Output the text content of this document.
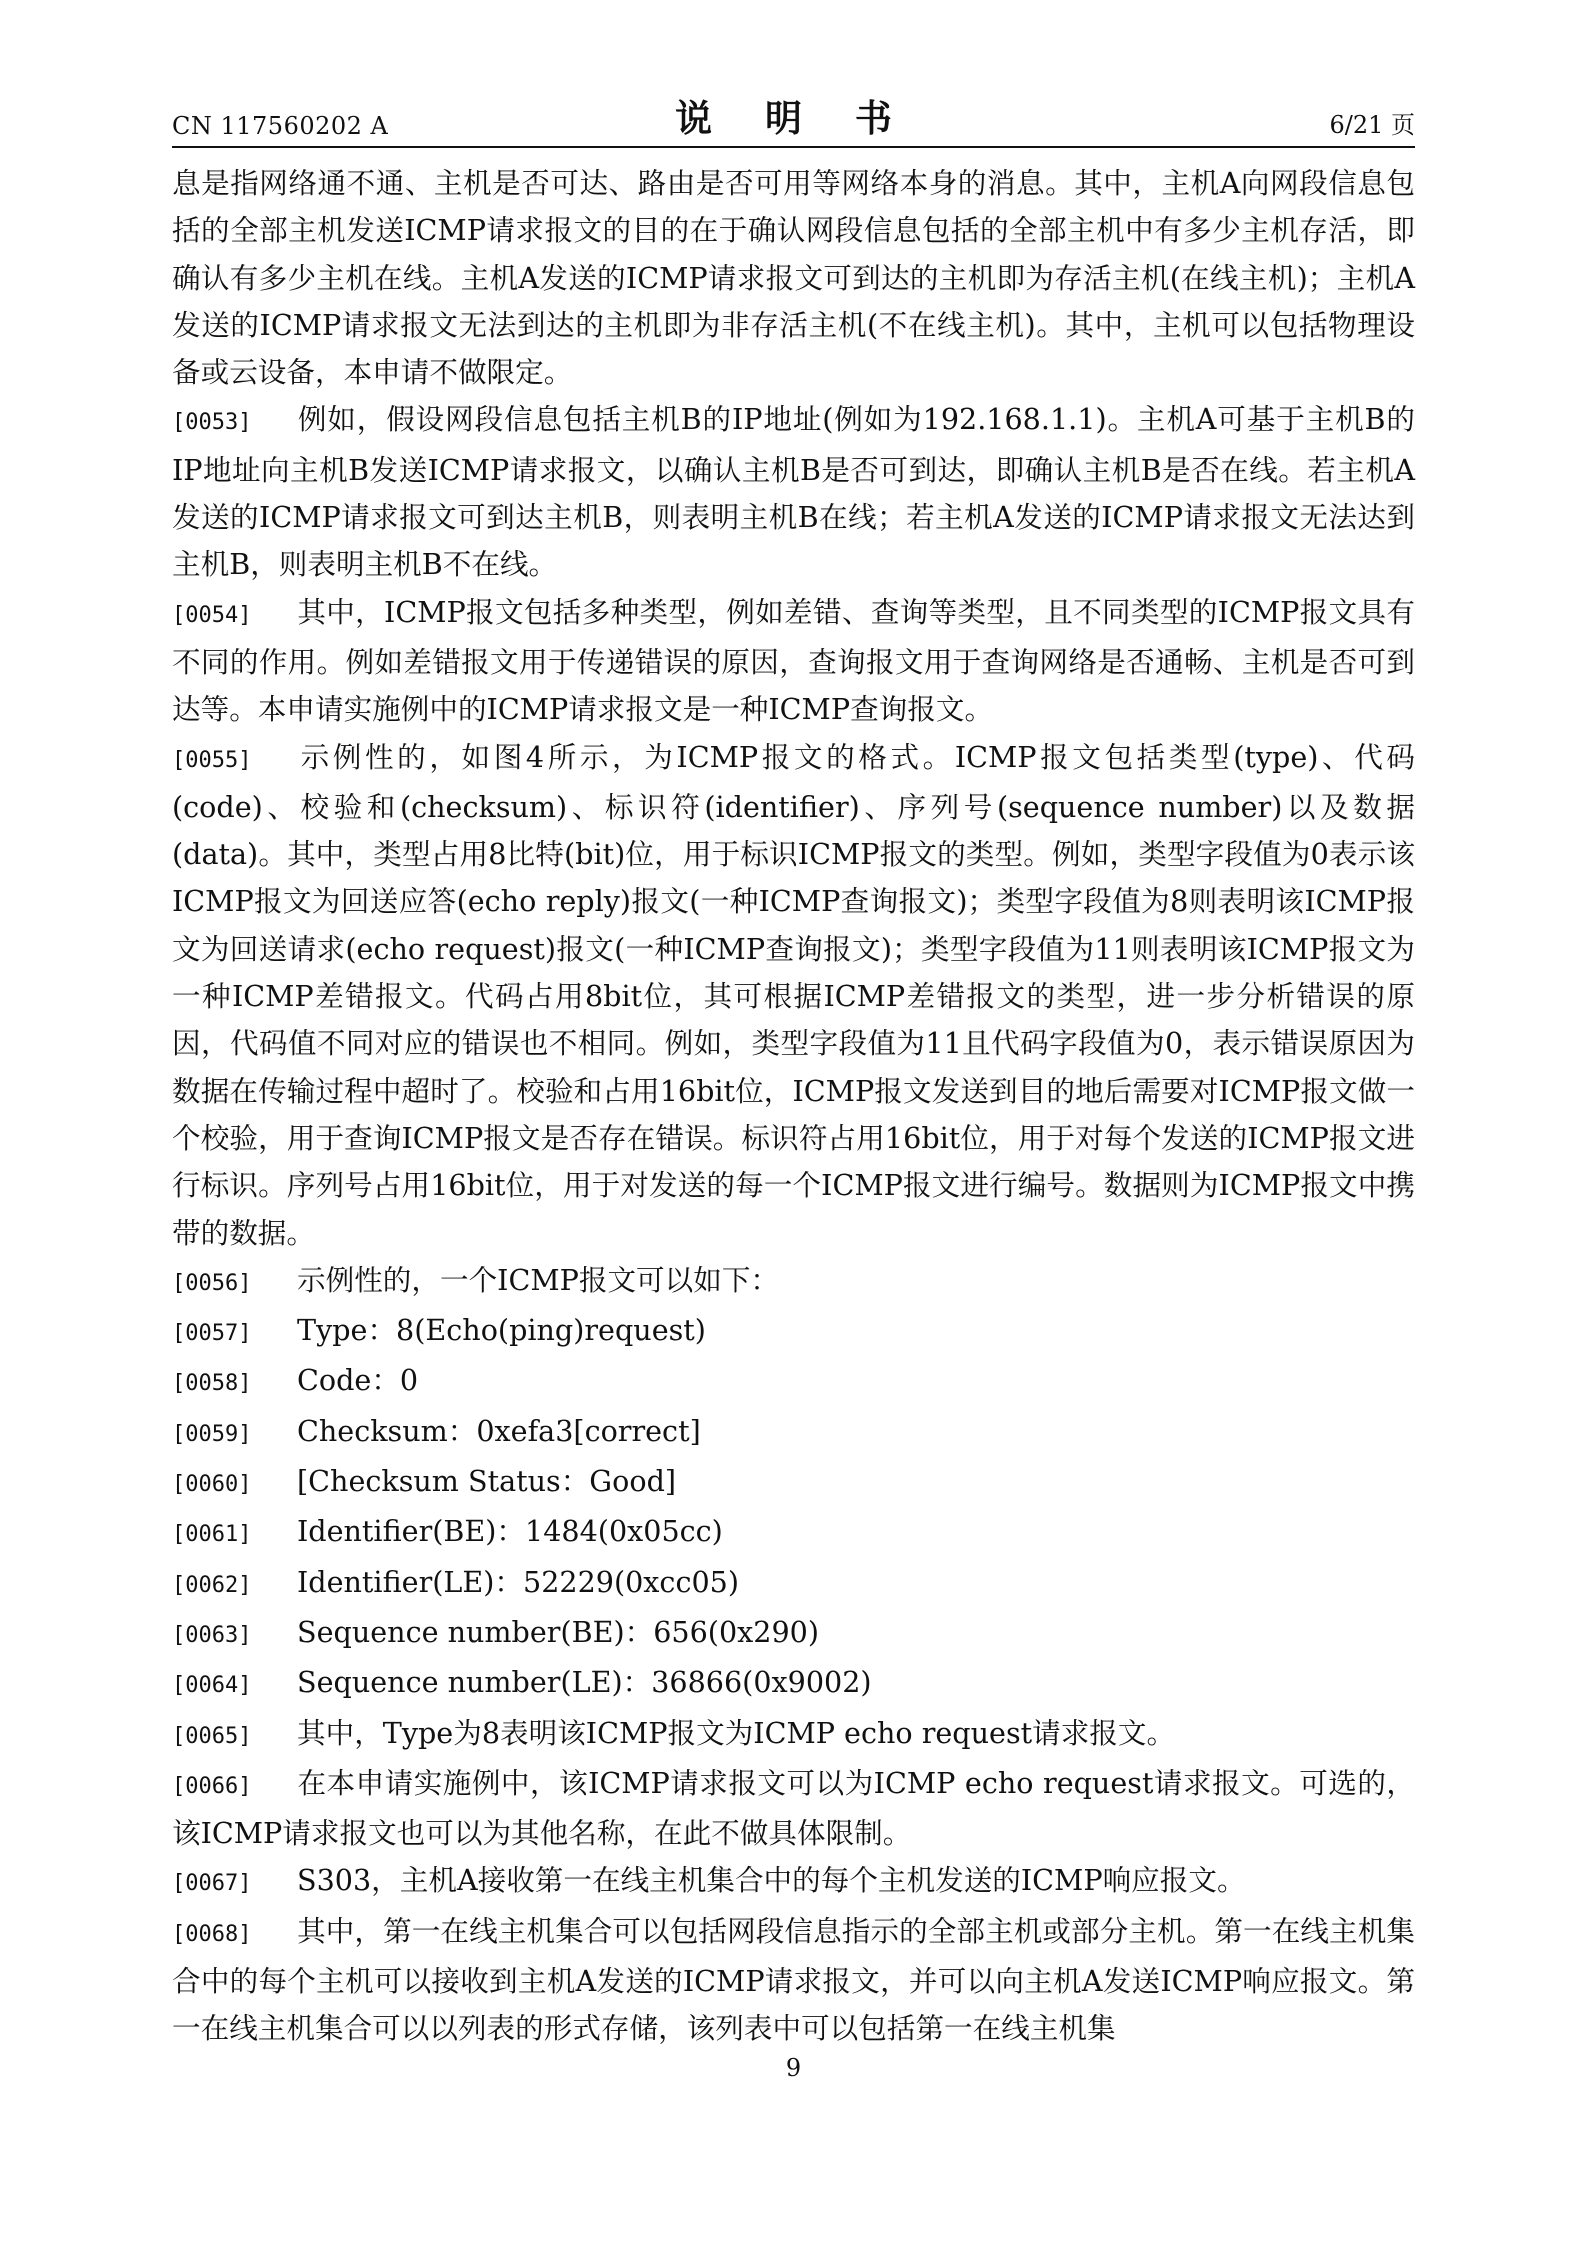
CN 117560202 A	说 明 书	6/21 页

息是指网络通不通、主机是否可达、路由是否可用等网络本身的消息。其中，主机A向网段信息包括的全部主机发送ICMP请求报文的目的在于确认网段信息包括的全部主机中有多少主机存活，即确认有多少主机在线。主机A发送的ICMP请求报文可到达的主机即为存活主机(在线主机)；主机A发送的ICMP请求报文无法到达的主机即为非存活主机(不在线主机)。其中，主机可以包括物理设备或云设备，本申请不做限定。

[0053] 例如，假设网段信息包括主机B的IP地址(例如为192.168.1.1)。主机A可基于主机B的IP地址向主机B发送ICMP请求报文，以确认主机B是否可到达，即确认主机B是否在线。若主机A发送的ICMP请求报文可到达主机B，则表明主机B在线；若主机A发送的ICMP请求报文无法达到主机B，则表明主机B不在线。

[0054] 其中，ICMP报文包括多种类型，例如差错、查询等类型，且不同类型的ICMP报文具有不同的作用。例如差错报文用于传递错误的原因，查询报文用于查询网络是否通畅、主机是否可到达等。本申请实施例中的ICMP请求报文是一种ICMP查询报文。

[0055] 示例性的，如图4所示，为ICMP报文的格式。ICMP报文包括类型(type)、代码(code)、校验和(checksum)、标识符(identifier)、序列号(sequence number)以及数据(data)。其中，类型占用8比特(bit)位，用于标识ICMP报文的类型。例如，类型字段值为0表示该ICMP报文为回送应答(echo reply)报文(一种ICMP查询报文)；类型字段值为8则表明该ICMP报文为回送请求(echo request)报文(一种ICMP查询报文)；类型字段值为11则表明该ICMP报文为一种ICMP差错报文。代码占用8bit位，其可根据ICMP差错报文的类型，进一步分析错误的原因，代码值不同对应的错误也不相同。例如，类型字段值为11且代码字段值为0，表示错误原因为数据在传输过程中超时了。校验和占用16bit位，ICMP报文发送到目的地后需要对ICMP报文做一个校验，用于查询ICMP报文是否存在错误。标识符占用16bit位，用于对每个发送的ICMP报文进行标识。序列号占用16bit位，用于对发送的每一个ICMP报文进行编号。数据则为ICMP报文中携带的数据。

[0056] 示例性的，一个ICMP报文可以如下：

[0057] Type：8(Echo(ping)request)

[0058] Code：0

[0059] Checksum：0xefa3[correct]

[0060] [Checksum Status：Good]

[0061] Identifier(BE)：1484(0x05cc)

[0062] Identifier(LE)：52229(0xcc05)

[0063] Sequence number(BE)：656(0x290)

[0064] Sequence number(LE)：36866(0x9002)

[0065] 其中，Type为8表明该ICMP报文为ICMP echo request请求报文。

[0066] 在本申请实施例中，该ICMP请求报文可以为ICMP echo request请求报文。可选的，该ICMP请求报文也可以为其他名称，在此不做具体限制。

[0067] S303，主机A接收第一在线主机集合中的每个主机发送的ICMP响应报文。

[0068] 其中，第一在线主机集合可以包括网段信息指示的全部主机或部分主机。第一在线主机集合中的每个主机可以接收到主机A发送的ICMP请求报文，并可以向主机A发送ICMP响应报文。第一在线主机集合可以以列表的形式存储，该列表中可以包括第一在线主机集

9
